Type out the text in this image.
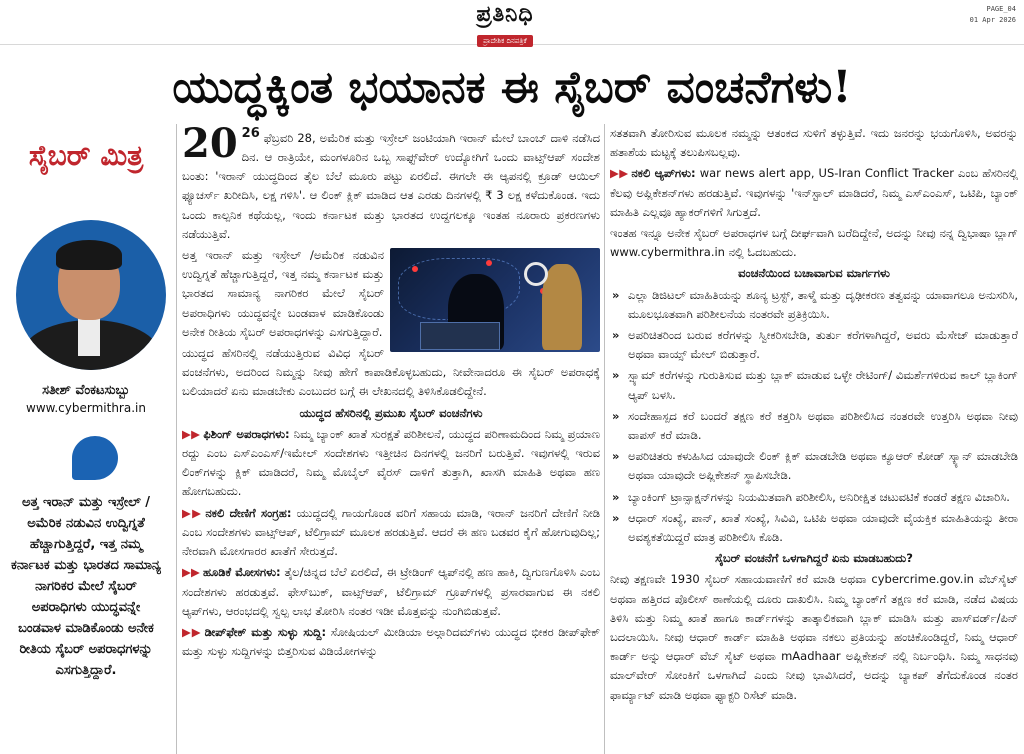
ಪ್ರತಿನಿಧಿ
ಪ್ರಾದೇಶಿಕ ದಿನಪತ್ರಿಕೆ
PAGE_04
01 Apr 2026
ಯುದ್ಧಕ್ಕಿಂತ ಭಯಾನಕ ಈ ಸೈಬರ್ ವಂಚನೆಗಳು!
ಸೈಬರ್ ಮಿತ್ರ
ಸತೀಶ್ ವೆಂಕಟಸುಬ್ಬು
www.cybermithra.in
ಅತ್ತ ಇರಾನ್ ಮತ್ತು ಇಸ್ರೇಲ್ /ಅಮೆರಿಕ ನಡುವಿನ ಉದ್ವಿಗ್ನತೆ ಹೆಚ್ಚಾಗುತ್ತಿದ್ದರೆ, ಇತ್ತ ನಮ್ಮ ಕರ್ನಾಟಕ ಮತ್ತು ಭಾರತದ ಸಾಮಾನ್ಯ ನಾಗರಿಕರ ಮೇಲೆ ಸೈಬರ್ ಅಪರಾಧಿಗಳು ಯುದ್ಧವನ್ನೇ ಬಂಡವಾಳ ಮಾಡಿಕೊಂಡು ಅನೇಕ ರೀತಿಯ ಸೈಬರ್ ಅಪರಾಧಗಳನ್ನು ಎಸಗುತ್ತಿದ್ದಾರೆ.

20 $^{26}$ ಫೆಬ್ರವರಿ 28, ಅಮೆರಿಕ ಮತ್ತು ಇಸ್ರೇಲ್ ಜಂಟಿಯಾಗಿ ಇರಾನ್ ಮೇಲೆ ಬಾಂಬ್ ದಾಳಿ ನಡೆಸಿದ ದಿನ. ಆ ರಾತ್ರಿಯೇ, ಮಂಗಳೂರಿನ ಒಬ್ಬ ಸಾಫ್ಟ್‌ವೇರ್ ಉದ್ಯೋಗಿಗೆ ಒಂದು ವಾಟ್ಸ್‌ಆಪ್ ಸಂದೇಶ ಬಂತು: 'ಇರಾನ್ ಯುದ್ಧದಿಂದ ತೈಲ ಬೆಲೆ ಮೂರು ಪಟ್ಟು ಏರಲಿದೆ. ಈಗಲೇ ಈ ಆ್ಯಪನಲ್ಲಿ ಕ್ರೂಡ್ ಆಯಿಲ್ ಫ್ಯೂಚರ್ಸ್ ಖರೀದಿಸಿ, ಲಕ್ಷ ಗಳಿಸಿ'. ಆ ಲಿಂಕ್ ಕ್ಲಿಕ್ ಮಾಡಿದ ಆತ ಎರಡು ದಿನಗಳಲ್ಲಿ ₹ 3 ಲಕ್ಷ ಕಳೆದುಕೊಂಡ. ಇದು ಒಂದು ಕಾಲ್ಪನಿಕ ಕಥೆಯಲ್ಲ, ಇಂದು ಕರ್ನಾಟಕ ಮತ್ತು ಭಾರತದ ಉದ್ದಗಲಕ್ಕೂ ಇಂತಹ ನೂರಾರು ಪ್ರಕರಣಗಳು ನಡೆಯುತ್ತಿವೆ.

ಅತ್ತ ಇರಾನ್ ಮತ್ತು ಇಸ್ರೇಲ್ /ಅಮೆರಿಕ ನಡುವಿನ ಉದ್ವಿಗ್ನತೆ ಹೆಚ್ಚಾಗುತ್ತಿದ್ದರೆ, ಇತ್ತ ನಮ್ಮ ಕರ್ನಾಟಕ ಮತ್ತು ಭಾರತದ ಸಾಮಾನ್ಯ ನಾಗರಿಕರ ಮೇಲೆ ಸೈಬರ್ ಅಪರಾಧಿಗಳು ಯುದ್ಧವನ್ನೇ ಬಂಡವಾಳ ಮಾಡಿಕೊಂಡು ಅನೇಕ ರೀತಿಯ ಸೈಬರ್ ಅಪರಾಧಗಳನ್ನು ಎಸಗುತ್ತಿದ್ದಾರೆ.

ಯುದ್ಧದ ಹೆಸರಿನಲ್ಲಿ ನಡೆಯುತ್ತಿರುವ ವಿವಿಧ ಸೈಬರ್ ವಂಚನೆಗಳು, ಅದರಿಂದ ನಿಮ್ಮನ್ನು ನೀವು ಹೇಗೆ ಕಾಪಾಡಿಕೊಳ್ಳಬಹುದು, ನೀವೇನಾದರೂ ಈ ಸೈಬರ್ ಅಪರಾಧಕ್ಕೆ ಬಲಿಯಾದರೆ ಏನು ಮಾಡಬೇಕು ಎಂಬುದರ ಬಗ್ಗೆ ಈ ಲೇಖನದಲ್ಲಿ ತಿಳಿಸಿಕೊಡಲಿದ್ದೇನೆ.

ಯುದ್ಧದ ಹೆಸರಿನಲ್ಲಿ ಪ್ರಮುಖ ಸೈಬರ್ ವಂಚನೆಗಳು

▶▶ ಫಿಶಿಂಗ್ ಅಪರಾಧಗಳು: ನಿಮ್ಮ ಬ್ಯಾಂಕ್ ಖಾತೆ ಸುರಕ್ಷತೆ ಪರಿಶೀಲನೆ, ಯುದ್ಧದ ಪರಿಣಾಮದಿಂದ ನಿಮ್ಮ ಪ್ರಯಾಣ ರದ್ದು ಎಂಬ ಎಸ್‌ಎಂಎಸ್/ಇಮೇಲ್ ಸಂದೇಶಗಳು ಇತ್ತೀಚಿನ ದಿನಗಳಲ್ಲಿ ಜನರಿಗೆ ಬರುತ್ತಿವೆ. ಇವುಗಳಲ್ಲಿ ಇರುವ ಲಿಂಕ್‌ಗಳನ್ನು ಕ್ಲಿಕ್ ಮಾಡಿದರೆ, ನಿಮ್ಮ ಮೊಬೈಲ್ ವೈರಸ್ ದಾಳಿಗೆ ತುತ್ತಾಗಿ, ಖಾಸಗಿ ಮಾಹಿತಿ ಅಥವಾ ಹಣ ಹೋಗಬಹುದು.

▶▶ ನಕಲಿ ದೇಣಿಗೆ ಸಂಗ್ರಹ: ಯುದ್ಧದಲ್ಲಿ ಗಾಯಗೊಂಡ ವರಿಗೆ ಸಹಾಯ ಮಾಡಿ, ಇರಾನ್ ಜನರಿಗೆ ದೇಣಿಗೆ ನೀಡಿ ಎಂಬ ಸಂದೇಶಗಳು ವಾಟ್ಸ್‌ಆಪ್, ಟೆಲಿಗ್ರಾಮ್ ಮೂಲಕ ಹರಡುತ್ತಿವೆ. ಆದರೆ ಈ ಹಣ ಬಡವರ ಕೈಗೆ ಹೋಗುವುದಿಲ್ಲ; ನೇರವಾಗಿ ಮೋಸಗಾರರ ಖಾತೆಗೆ ಸೇರುತ್ತದೆ.

▶▶ ಹೂಡಿಕೆ ಮೋಸಗಳು: ತೈಲ/ಚಿನ್ನದ ಬೆಲೆ ಏರಲಿದೆ, ಈ ಟ್ರೇಡಿಂಗ್ ಆ್ಯಪ್‌ನಲ್ಲಿ ಹಣ ಹಾಕಿ, ದ್ವಿಗುಣಗೊಳಿಸಿ ಎಂಬ ಸಂದೇಶಗಳು ಹರಡುತ್ತವೆ. ಫೇಸ್‌ಬುಕ್, ವಾಟ್ಸ್‌ಆಪ್, ಟೆಲಿಗ್ರಾಮ್ ಗ್ರೂಪ್‌ಗಳಲ್ಲಿ ಪ್ರಸಾರವಾಗುವ ಈ ನಕಲಿ ಆ್ಯಪ್‌ಗಳು, ಆರಂಭದಲ್ಲಿ ಸ್ವಲ್ಪ ಲಾಭ ತೋರಿಸಿ ನಂತರ ಇಡೀ ಮೊತ್ತವನ್ನು ನುಂಗಿಬಿಡುತ್ತವೆ.

▶▶ ಡೀಪ್‌ಫೇಕ್ ಮತ್ತು ಸುಳ್ಳು ಸುದ್ದಿ: ಸೋಷಿಯಲ್ ಮೀಡಿಯಾ ಅಲ್ಗಾರಿದಮ್‌ಗಳು ಯುದ್ಧದ ಭೀಕರ ಡೀಪ್‌ಫೇಕ್ ಮತ್ತು ಸುಳ್ಳು ಸುದ್ದಿಗಳನ್ನು ಬಿತ್ತರಿಸುವ ವಿಡಿಯೋಗಳನ್ನು

ಸತತವಾಗಿ ತೋರಿಸುವ ಮೂಲಕ ನಮ್ಮನ್ನು ಆತಂಕದ ಸುಳಿಗೆ ತಳ್ಳುತ್ತಿವೆ. ಇದು ಜನರನ್ನು ಭಯಗೊಳಿಸಿ, ಅವರನ್ನು ಹತಾಶೆಯ ಮಟ್ಟಕ್ಕೆ ತಲುಪಿಸಬಲ್ಲವು.

▶▶ ನಕಲಿ ಆ್ಯಪ್‌ಗಳು: war news alert app, US-Iran Conflict Tracker ಎಂಬ ಹೆಸರಿನಲ್ಲಿ ಕೆಲವು ಅಪ್ಲಿಕೇಶನ್‌ಗಳು ಹರಡುತ್ತಿವೆ. ಇವುಗಳನ್ನು 'ಇನ್‌ಸ್ಟಾಲ್ ಮಾಡಿದರೆ, ನಿಮ್ಮ ಎಸ್‌ಎಂಎಸ್, ಒಟಿಪಿ, ಬ್ಯಾಂಕ್ ಮಾಹಿತಿ ಎಲ್ಲವೂ ಹ್ಯಾಕರ್‌ಗಳಿಗೆ ಸಿಗುತ್ತದೆ.

ಇಂತಹ ಇನ್ನೂ ಅನೇಕ ಸೈಬರ್ ಅಪರಾಧಗಳ ಬಗ್ಗೆ ದೀರ್ಘವಾಗಿ ಬರೆದಿದ್ದೇನೆ, ಅದನ್ನು ನೀವು ನನ್ನ ದ್ವಿಭಾಷಾ ಬ್ಲಾಗ್ www.cybermithra.in ನಲ್ಲಿ ಓದಬಹುದು.

ವಂಚನೆಯಿಂದ ಬಚಾವಾಗುವ ಮಾರ್ಗಗಳು
» ಎಲ್ಲಾ ಡಿಜಿಟಲ್ ಮಾಹಿತಿಯನ್ನು ಶೂನ್ಯ ಟ್ರಸ್ಟ್, ತಾಳ್ಮೆ ಮತ್ತು ದೃಢೀಕರಣ ತತ್ವವನ್ನು ಯಾವಾಗಲೂ ಅನುಸರಿಸಿ, ಮೂಲಭೂತವಾಗಿ ಪರಿಶೀಲನೆಯ ನಂತರವೇ ಪ್ರತಿಕ್ರಿಯಿಸಿ.
» ಅಪರಿಚಿತರಿಂದ ಬರುವ ಕರೆಗಳನ್ನು ಸ್ವೀಕರಿಸಬೇಡಿ, ತುರ್ತು ಕರೆಗಳಾಗಿದ್ದರೆ, ಅವರು ಮೆಸೇಜ್ ಮಾಡುತ್ತಾರೆ ಅಥವಾ ವಾಯ್ಸ್ ಮೇಲ್ ಬಿಡುತ್ತಾರೆ.
» ಸ್ಪ್ಯಾಮ್ ಕರೆಗಳನ್ನು ಗುರುತಿಸುವ ಮತ್ತು ಬ್ಲಾಕ್ ಮಾಡುವ ಒಳ್ಳೇ ರೇಟಿಂಗ್/ ವಿಮರ್ಶೆಗಳಿರುವ ಕಾಲ್ ಬ್ಲಾಕಿಂಗ್ ಆ್ಯಪ್ ಬಳಸಿ.
» ಸಂದೇಹಾಸ್ಪದ ಕರೆ ಬಂದರೆ ತಕ್ಷಣ ಕರೆ ಕತ್ತರಿಸಿ ಅಥವಾ ಪರಿಶೀಲಿಸಿದ ನಂತರವೇ ಉತ್ತರಿಸಿ ಅಥವಾ ನೀವು ವಾಪಸ್ ಕರೆ ಮಾಡಿ.
» ಅಪರಿಚಿತರು ಕಳುಹಿಸಿದ ಯಾವುದೇ ಲಿಂಕ್ ಕ್ಲಿಕ್ ಮಾಡಬೇಡಿ ಅಥವಾ ಕ್ಯೂಆರ್ ಕೋಡ್ ಸ್ಕ್ಯಾನ್ ಮಾಡಬೇಡಿ ಅಥವಾ ಯಾವುದೇ ಅಪ್ಲಿಕೇಶನ್ ಸ್ಥಾಪಿಸಬೇಡಿ.
» ಬ್ಯಾಂಕಿಂಗ್ ಟ್ರಾನ್ಸಾಕ್ಷನ್‌ಗಳನ್ನು ನಿಯಮಿತವಾಗಿ ಪರಿಶೀಲಿಸಿ, ಅನಿರೀಕ್ಷಿತ ಚಟುವಟಿಕೆ ಕಂಡರೆ ತಕ್ಷಣ ವಿಚಾರಿಸಿ.
» ಆಧಾರ್ ಸಂಖ್ಯೆ, ಪಾನ್, ಖಾತೆ ಸಂಖ್ಯೆ, ಸಿವಿವಿ, ಒಟಿಪಿ ಅಥವಾ ಯಾವುದೇ ವೈಯಕ್ತಿಕ ಮಾಹಿತಿಯನ್ನು ತೀರಾ ಅವಶ್ಯಕತೆಯಿದ್ದರೆ ಮಾತ್ರ ಪರಿಶೀಲಿಸಿ ಕೊಡಿ.
ಸೈಬರ್ ವಂಚನೆಗೆ ಒಳಗಾಗಿದ್ದರೆ ಏನು ಮಾಡಬಹುದು?

ನೀವು ತಕ್ಷಣವೇ 1930 ಸೈಬರ್ ಸಹಾಯವಾಣಿಗೆ ಕರೆ ಮಾಡಿ ಅಥವಾ cybercrime.gov.in ವೆಬ್‌ಸೈಟ್ ಅಥವಾ ಹತ್ತಿರದ ಪೊಲೀಸ್ ಠಾಣೆಯಲ್ಲಿ ದೂರು ದಾಖಲಿಸಿ. ನಿಮ್ಮ ಬ್ಯಾಂಕ್‌ಗೆ ತಕ್ಷಣ ಕರೆ ಮಾಡಿ, ನಡೆದ ವಿಷಯ ತಿಳಿಸಿ ಮತ್ತು ನಿಮ್ಮ ಖಾತೆ ಹಾಗೂ ಕಾರ್ಡ್‌ಗಳನ್ನು ತಾತ್ಕಾಲಿಕವಾಗಿ ಬ್ಲಾಕ್ ಮಾಡಿಸಿ ಮತ್ತು ಪಾಸ್‌ವರ್ಡ್/ಪಿನ್ ಬದಲಾಯಿಸಿ. ನೀವು ಆಧಾರ್ ಕಾರ್ಡ್ ಮಾಹಿತಿ ಅಥವಾ ನಕಲು ಪ್ರತಿಯನ್ನು ಹಂಚಿಕೊಂಡಿದ್ದರೆ, ನಿಮ್ಮ ಆಧಾರ್ ಕಾರ್ಡ್ ಅನ್ನು ಆಧಾರ್ ವೆಬ್ ಸೈಟ್ ಅಥವಾ mAadhaar ಅಪ್ಲಿಕೇಶನ್ ನಲ್ಲಿ ನಿರ್ಬಂಧಿಸಿ. ನಿಮ್ಮ ಸಾಧನವು ಮಾಲ್‌ವೇರ್ ಸೋಂಕಿಗೆ ಒಳಗಾಗಿದೆ ಎಂದು ನೀವು ಭಾವಿಸಿದರೆ, ಅದನ್ನು ಬ್ಯಾಕಪ್ ತೆಗೆದುಕೊಂಡ ನಂತರ ಫಾರ್ಮ್ಯಾಟ್ ಮಾಡಿ ಅಥವಾ ಫ್ಯಾಕ್ಟರಿ ರಿಸೆಟ್ ಮಾಡಿ.
